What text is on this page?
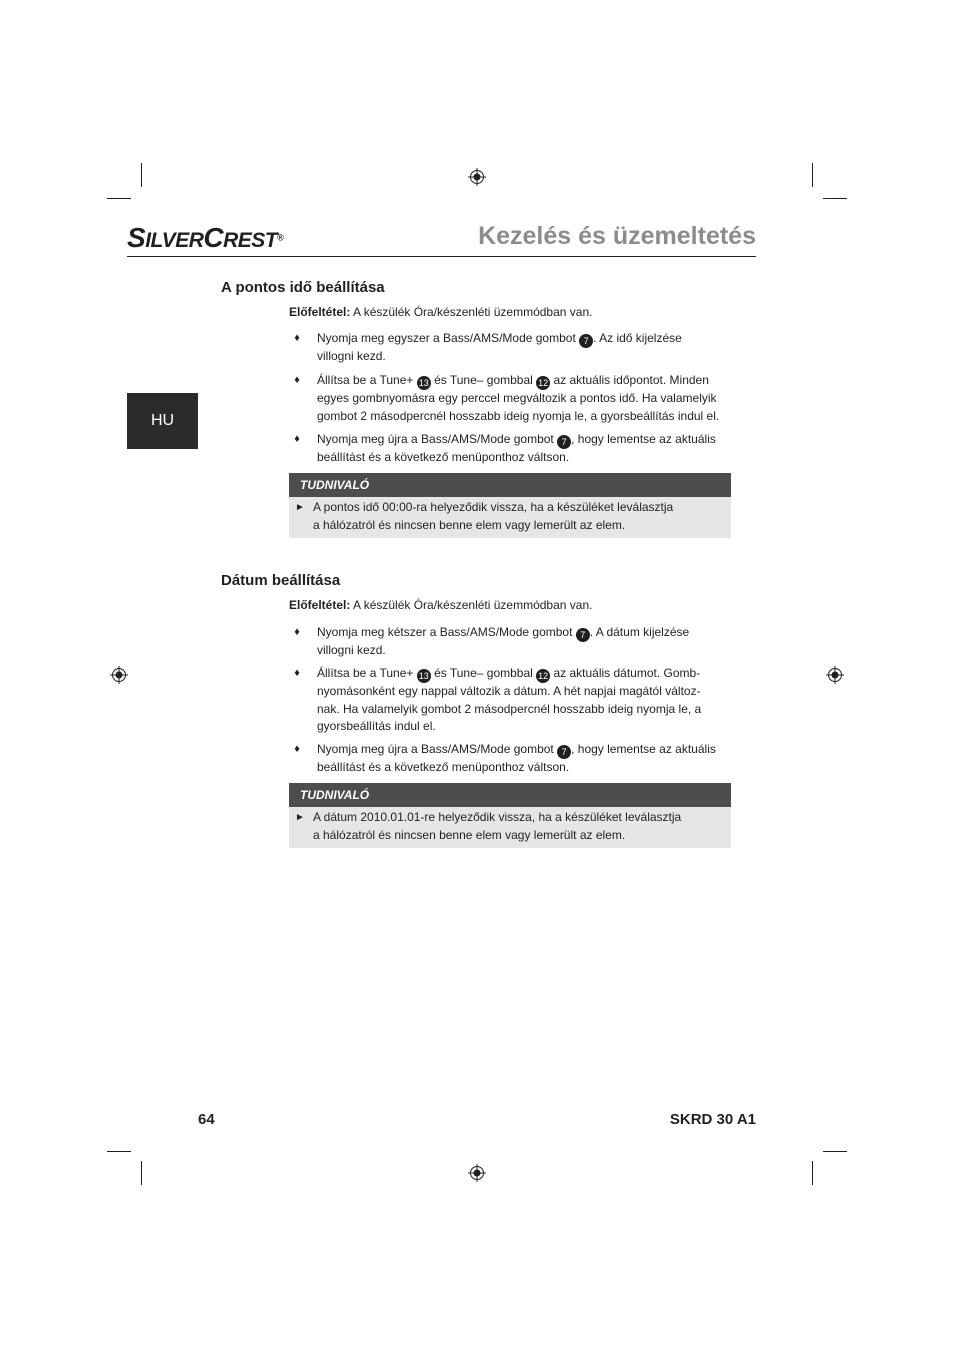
SILVERCREST®	Kezelés és üzemeltetés
HU
A pontos idő beállítása
Előfeltétel: A készülék Óra/készenléti üzemmódban van.
♦ Nyomja meg egyszer a Bass/AMS/Mode gombot 7 . Az idő kijelzése
villogni kezd.
♦ Állítsa be a Tune+ 13 és Tune– gombbal 12 az aktuális időpontot. Minden
egyes gombnyomásra egy perccel megváltozik a pontos idő. Ha valamelyik
gombot 2 másodpercnél hosszabb ideig nyomja le, a gyorsbeállítás indul el.
♦ Nyomja meg újra a Bass/AMS/Mode gombot 7 , hogy lementse az aktuális
beállítást és a következő menüponthoz váltson.
TUDNIVALÓ
► A pontos idő 00:00-ra helyeződik vissza, ha a készüléket leválasztja
a hálózatról és nincsen benne elem vagy lemerült az elem.
Dátum beállítása
Előfeltétel: A készülék Óra/készenléti üzemmódban van.
♦ Nyomja meg kétszer a Bass/AMS/Mode gombot 7 . A dátum kijelzése
villogni kezd.
♦ Állítsa be a Tune+ 13 és Tune– gombbal 12 az aktuális dátumot. Gomb-
nyomásonként egy nappal változik a dátum. A hét napjai magától változ-
nak. Ha valamelyik gombot 2 másodpercnél hosszabb ideig nyomja le, a
gyorsbeállítás indul el.
♦ Nyomja meg újra a Bass/AMS/Mode gombot 7 , hogy lementse az aktuális
beállítást és a következő menüponthoz váltson.
TUDNIVALÓ
► A dátum 2010.01.01-re helyeződik vissza, ha a készüléket leválasztja
a hálózatról és nincsen benne elem vagy lemerült az elem.
64	SKRD 30 A1
